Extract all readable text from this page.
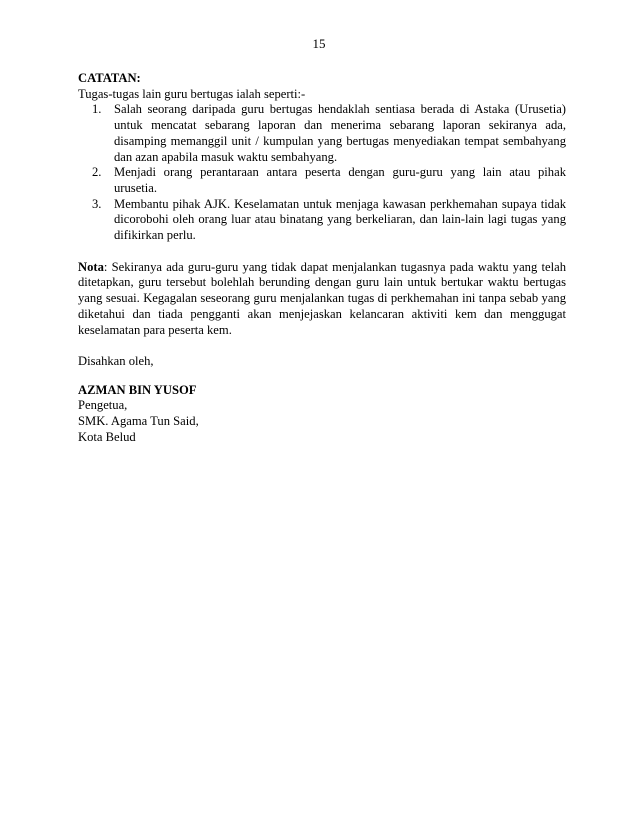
15

CATATAN:

Tugas-tugas lain guru bertugas ialah seperti:-

1. Salah seorang daripada guru bertugas hendaklah sentiasa berada di Astaka (Urusetia) untuk mencatat sebarang laporan dan menerima sebarang laporan sekiranya ada, disamping memanggil unit / kumpulan yang bertugas menyediakan tempat sembahyang dan azan apabila masuk waktu sembahyang.
2. Menjadi orang perantaraan antara peserta dengan guru-guru yang lain atau pihak urusetia.
3. Membantu pihak AJK. Keselamatan untuk menjaga kawasan perkhemahan supaya tidak dicorobohi oleh orang luar atau binatang yang berkeliaran, dan lain-lain lagi tugas yang difikirkan perlu.

Nota: Sekiranya ada guru-guru yang tidak dapat menjalankan tugasnya pada waktu yang telah ditetapkan, guru tersebut bolehlah berunding dengan guru lain untuk bertukar waktu bertugas yang sesuai. Kegagalan seseorang guru menjalankan tugas di perkhemahan ini tanpa sebab yang diketahui dan tiada pengganti akan menjejaskan kelancaran aktiviti kem dan menggugat keselamatan para peserta kem.

Disahkan oleh,

AZMAN BIN YUSOF

Pengetua,

SMK. Agama Tun Said,

Kota Belud
